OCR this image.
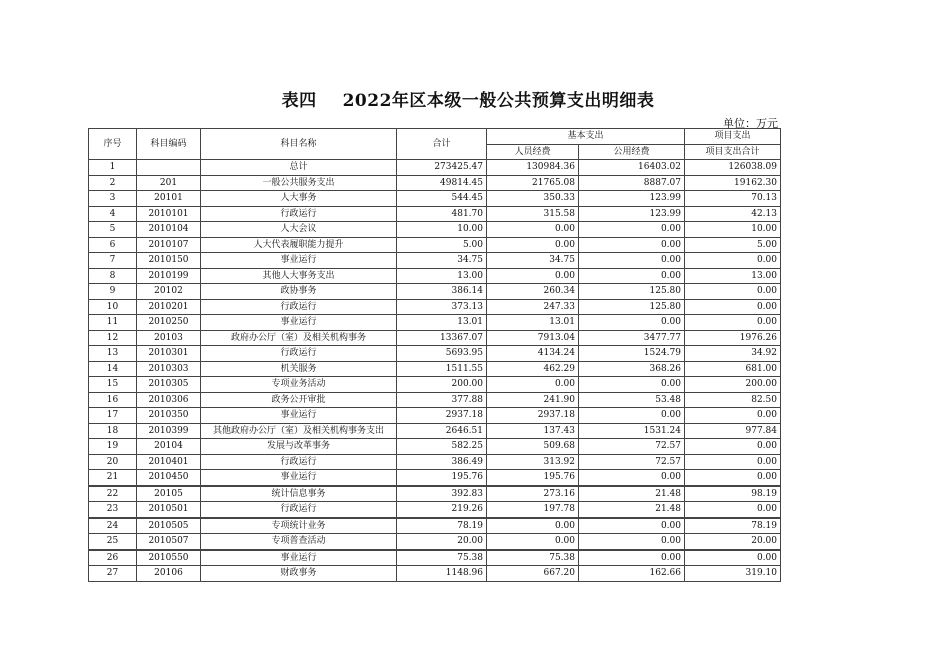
表四 2022年区本级一般公共预算支出明细表
单位：万元
序号	科目编码	科目名称	合计	基本支出		项目支出
				人员经费	公用经费	项目支出合计
1		总计	273425.47	130984.36	16403.02	126038.09
2	201	一般公共服务支出	49814.45	21765.08	8887.07	19162.30
3	20101	人大事务	544.45	350.33	123.99	70.13
4	2010101	行政运行	481.70	315.58	123.99	42.13
5	2010104	人大会议	10.00	0.00	0.00	10.00
6	2010107	人大代表履职能力提升	5.00	0.00	0.00	5.00
7	2010150	事业运行	34.75	34.75	0.00	0.00
8	2010199	其他人大事务支出	13.00	0.00	0.00	13.00
9	20102	政协事务	386.14	260.34	125.80	0.00
10	2010201	行政运行	373.13	247.33	125.80	0.00
11	2010250	事业运行	13.01	13.01	0.00	0.00
12	20103	政府办公厅（室）及相关机构事务	13367.07	7913.04	3477.77	1976.26
13	2010301	行政运行	5693.95	4134.24	1524.79	34.92
14	2010303	机关服务	1511.55	462.29	368.26	681.00
15	2010305	专项业务活动	200.00	0.00	0.00	200.00
16	2010306	政务公开审批	377.88	241.90	53.48	82.50
17	2010350	事业运行	2937.18	2937.18	0.00	0.00
18	2010399	其他政府办公厅（室）及相关机构事务支出	2646.51	137.43	1531.24	977.84
19	20104	发展与改革事务	582.25	509.68	72.57	0.00
20	2010401	行政运行	386.49	313.92	72.57	0.00
21	2010450	事业运行	195.76	195.76	0.00	0.00
22	20105	统计信息事务	392.83	273.16	21.48	98.19
23	2010501	行政运行	219.26	197.78	21.48	0.00
24	2010505	专项统计业务	78.19	0.00	0.00	78.19
25	2010507	专项普查活动	20.00	0.00	0.00	20.00
26	2010550	事业运行	75.38	75.38	0.00	0.00
27	20106	财政事务	1148.96	667.20	162.66	319.10
